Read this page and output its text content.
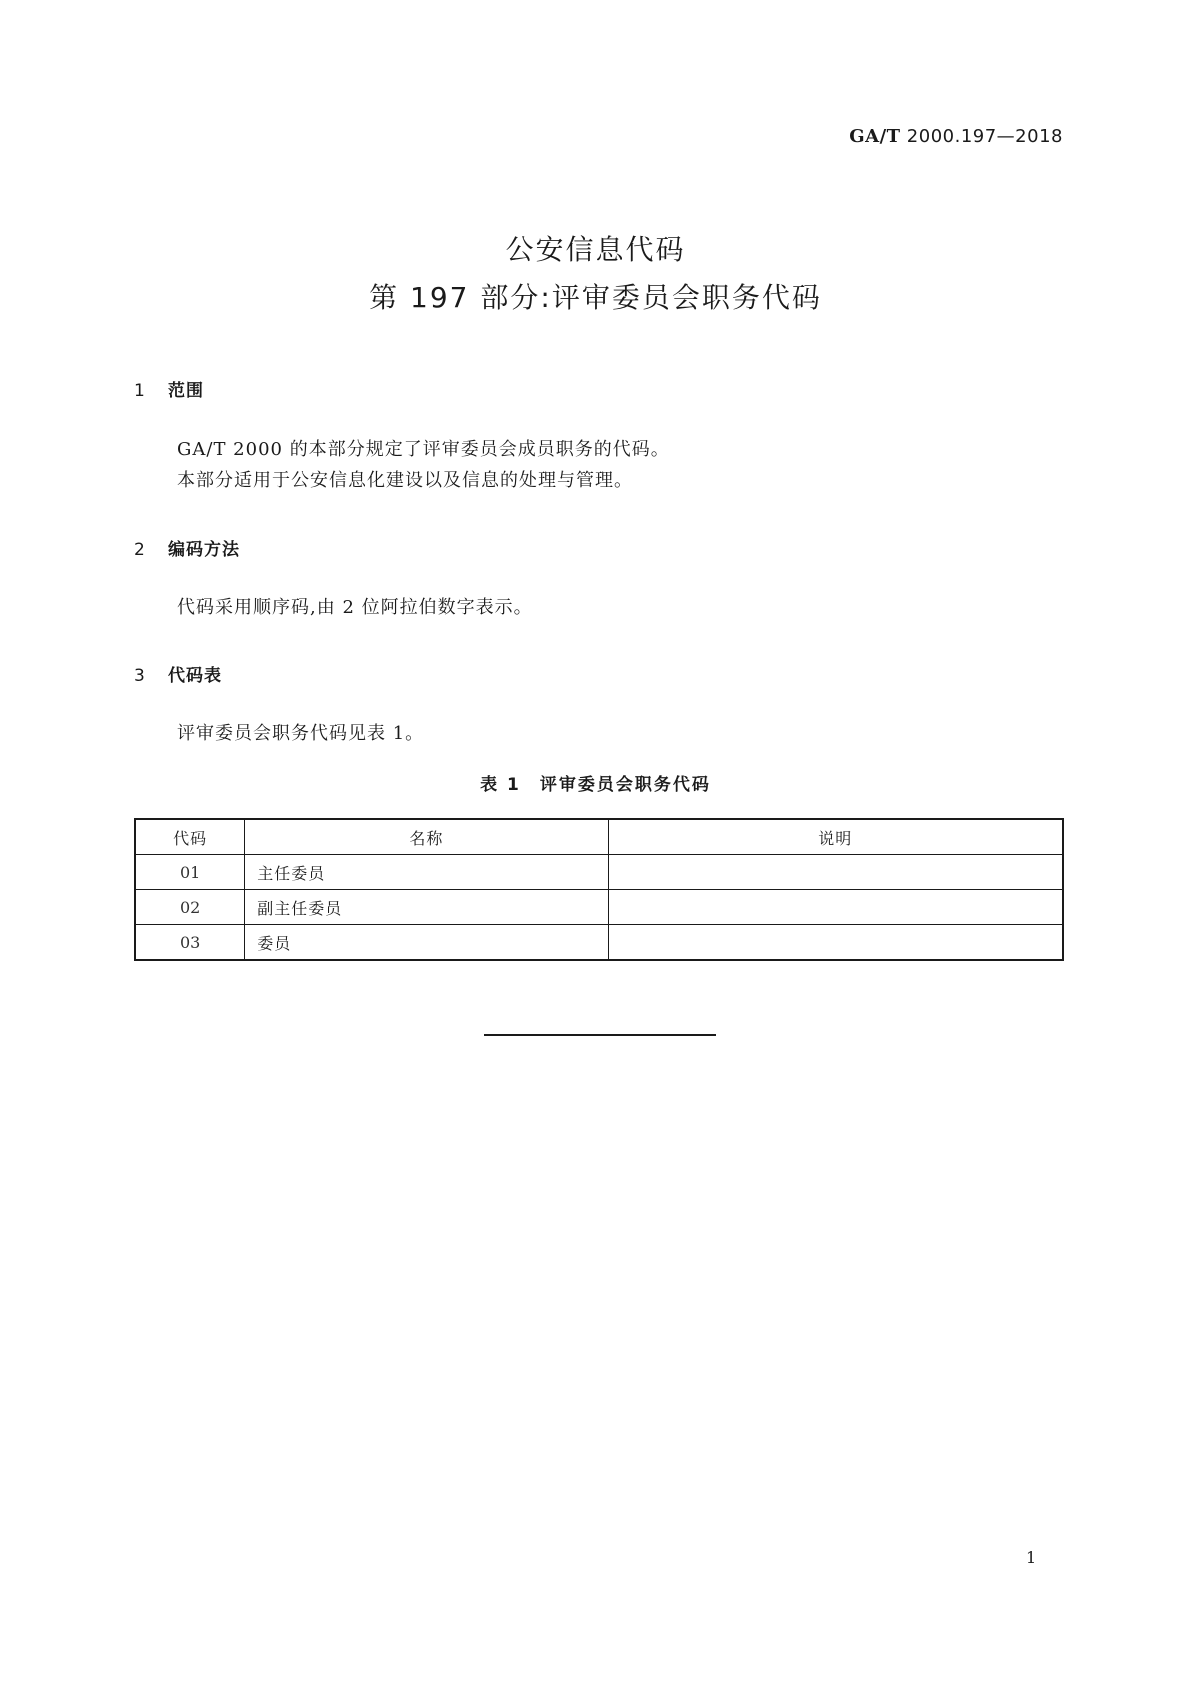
GA/T 2000.197—2018
公安信息代码
第 197 部分:评审委员会职务代码
1 范围
GA/T 2000 的本部分规定了评审委员会成员职务的代码。
本部分适用于公安信息化建设以及信息的处理与管理。
2 编码方法
代码采用顺序码,由 2 位阿拉伯数字表示。
3 代码表
评审委员会职务代码见表 1。
表 1　评审委员会职务代码
代码	名称	说明
01	主任委员	
02	副主任委员	
03	委员	
1
